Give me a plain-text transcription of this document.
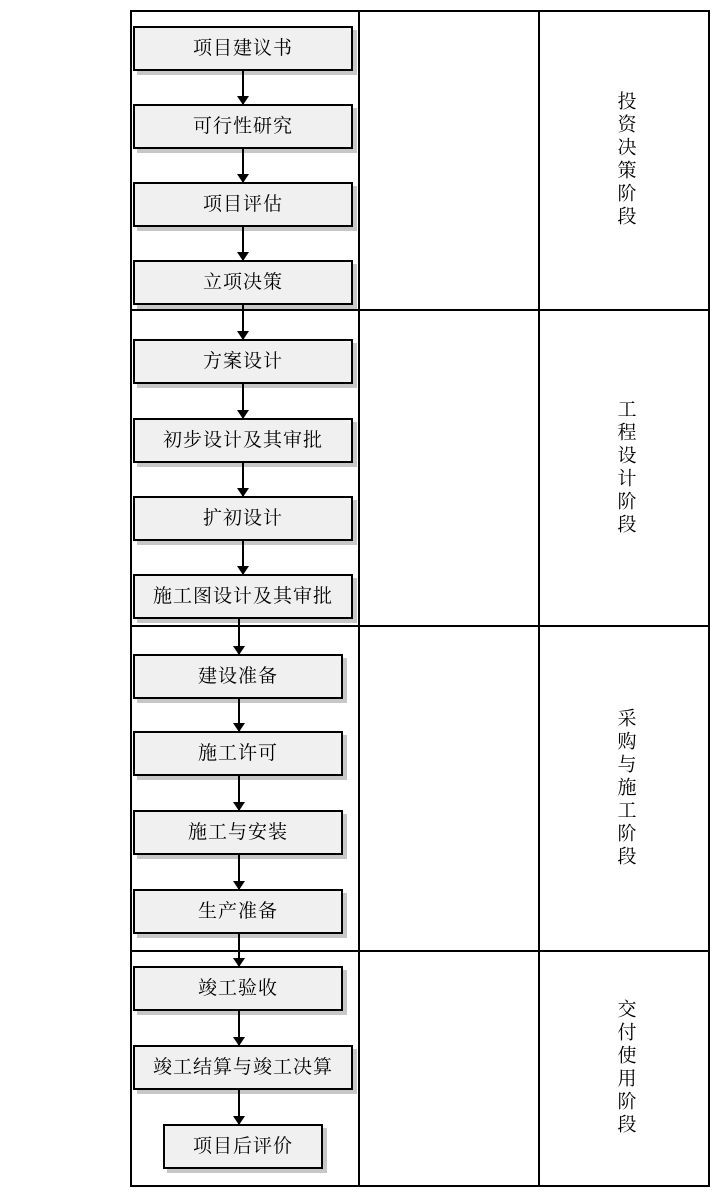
投资决策阶段
工程设计阶段
采购与施工阶段
交付使用阶段
项目建议书
可行性研究
项目评估
立项决策
方案设计
初步设计及其审批
扩初设计
施工图设计及其审批
建设准备
施工许可
施工与安装
生产准备
竣工验收
竣工结算与竣工决算
项目后评价
